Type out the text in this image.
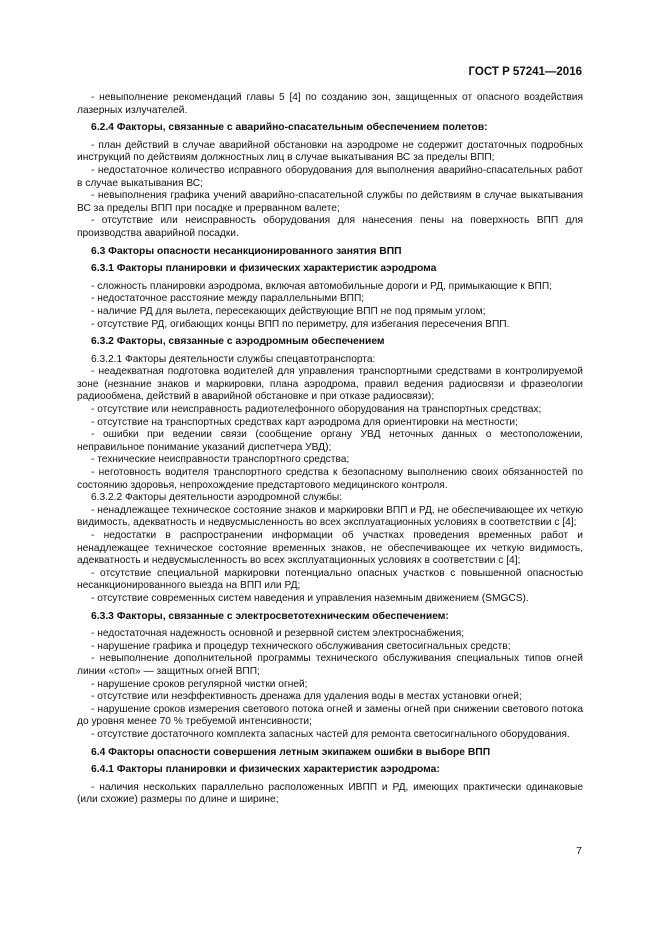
ГОСТ Р 57241—2016

- невыполнение рекомендаций главы 5 [4] по созданию зон, защищенных от опасного воздействия лазерных излучателей.

6.2.4 Факторы, связанные с аварийно-спасательным обеспечением полетов:

- план действий в случае аварийной обстановки на аэродроме не содержит достаточных подробных инструкций по действиям должностных лиц в случае выкатывания ВС за пределы ВПП;

- недостаточное количество исправного оборудования для выполнения аварийно-спасательных работ в случае выкатывания ВС;

- невыполнения графика учений аварийно-спасательной службы по действиям в случае выкатывания ВС за пределы ВПП при посадке и прерванном валете;

- отсутствие или неисправность оборудования для нанесения пены на поверхность ВПП для производства аварийной посадки.

6.3 Факторы опасности несанкционированного занятия ВПП
6.3.1 Факторы планировки и физических характеристик аэродрома

- сложность планировки аэродрома, включая автомобильные дороги и РД, примыкающие к ВПП;

- недостаточное расстояние между параллельными ВПП;

- наличие РД для вылета, пересекающих действующие ВПП не под прямым углом;

- отсутствие РД, огибающих концы ВПП по периметру, для избегания пересечения ВПП.

6.3.2 Факторы, связанные с аэродромным обеспечением

6.3.2.1 Факторы деятельности службы спецавтотранспорта:

- неадекватная подготовка водителей для управления транспортными средствами в контролируемой зоне (незнание знаков и маркировки, плана аэродрома, правил ведения радиосвязи и фразеологии радиообмена, действий в аварийной обстановке и при отказе радиосвязи);

- отсутствие или неисправность радиотелефонного оборудования на транспортных средствах;

- отсутствие на транспортных средствах карт аэродрома для ориентировки на местности;

- ошибки при ведении связи (сообщение органу УВД неточных данных о местоположении, неправильное понимание указаний диспетчера УВД);

- технические неисправности транспортного средства;

- неготовность водителя транспортного средства к безопасному выполнению своих обязанностей по состоянию здоровья, непрохождение предстартового медицинского контроля.

6.3.2.2 Факторы деятельности аэродромной службы:

- ненадлежащее техническое состояние знаков и маркировки ВПП и РД, не обеспечивающее их четкую видимость, адекватность и недвусмысленность во всех эксплуатационных условиях в соответствии с [4];

- недостатки в распространении информации об участках проведения временных работ и ненадлежащее техническое состояние временных знаков, не обеспечивающее их четкую видимость, адекватность и недвусмысленность во всех эксплуатационных условиях в соответствии с [4];

- отсутствие специальной маркировки потенциально опасных участков с повышенной опасностью несанкционированного выезда на ВПП или РД;

- отсутствие современных систем наведения и управления наземным движением (SMGCS).

6.3.3 Факторы, связанные с электросветотехническим обеспечением:

- недостаточная надежность основной и резервной систем электроснабжения;

- нарушение графика и процедур технического обслуживания светосигнальных средств;

- невыполнение дополнительной программы технического обслуживания специальных типов огней линии «стоп» — защитных огней ВПП;

- нарушение сроков регулярной чистки огней;

- отсутствие или неэффективность дренажа для удаления воды в местах установки огней;

- нарушение сроков измерения светового потока огней и замены огней при снижении светового потока до уровня менее 70 % требуемой интенсивности;

- отсутствие достаточного комплекта запасных частей для ремонта светосигнального оборудования.

6.4 Факторы опасности совершения летным экипажем ошибки в выборе ВПП
6.4.1 Факторы планировки и физических характеристик аэродрома:

- наличия нескольких параллельно расположенных ИВПП и РД, имеющих практически одинаковые (или схожие) размеры по длине и ширине;

7
